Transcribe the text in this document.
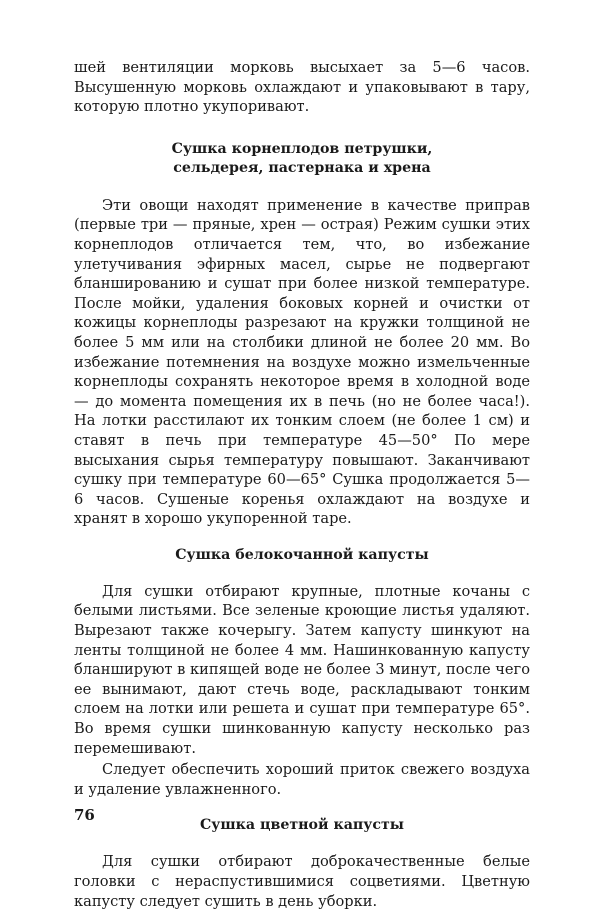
шей вентиляции морковь высыхает за 5—6 часов. Высушенную морковь охлаждают и упаковывают в тару, которую плотно укупоривают.

Сушка корнеплодов петрушки, сельдерея, пастернака и хрена

Эти овощи находят применение в качестве приправ (первые три — пряные, хрен — острая) Режим сушки этих корнеплодов отличается тем, что, во избежание улетучивания эфирных масел, сырье не подвергают бланшированию и сушат при более низкой температуре. После мойки, удаления боковых корней и очистки от кожицы корнеплоды разрезают на кружки толщиной не более 5 мм или на столбики длиной не более 20 мм. Во избежание потемнения на воздухе можно измельченные корнеплоды сохранять некоторое время в холодной воде — до момента помещения их в печь (но не более часа!). На лотки расстилают их тонким слоем (не более 1 см) и ставят в печь при температуре 45—50° По мере высыхания сырья температуру повышают. Заканчивают сушку при температуре 60—65° Сушка продолжается 5—6 часов. Сушеные коренья охлаждают на воздухе и хранят в хорошо укупоренной таре.

Сушка белокочанной капусты

Для сушки отбирают крупные, плотные кочаны с белыми листьями. Все зеленые кроющие листья удаляют. Вырезают также кочерыгу. Затем капусту шинкуют на ленты толщиной не более 4 мм. Нашинкованную капусту бланшируют в кипящей воде не более 3 минут, после чего ее вынимают, дают стечь воде, раскладывают тонким слоем на лотки или решета и сушат при температуре 65°. Во время сушки шинкованную капусту несколько раз перемешивают.

Следует обеспечить хороший приток свежего воздуха и удаление увлажненного.

Сушка цветной капусты

Для сушки отбирают доброкачественные белые головки с нераспустившимися соцветиями. Цветную капусту следует сушить в день уборки.

76
